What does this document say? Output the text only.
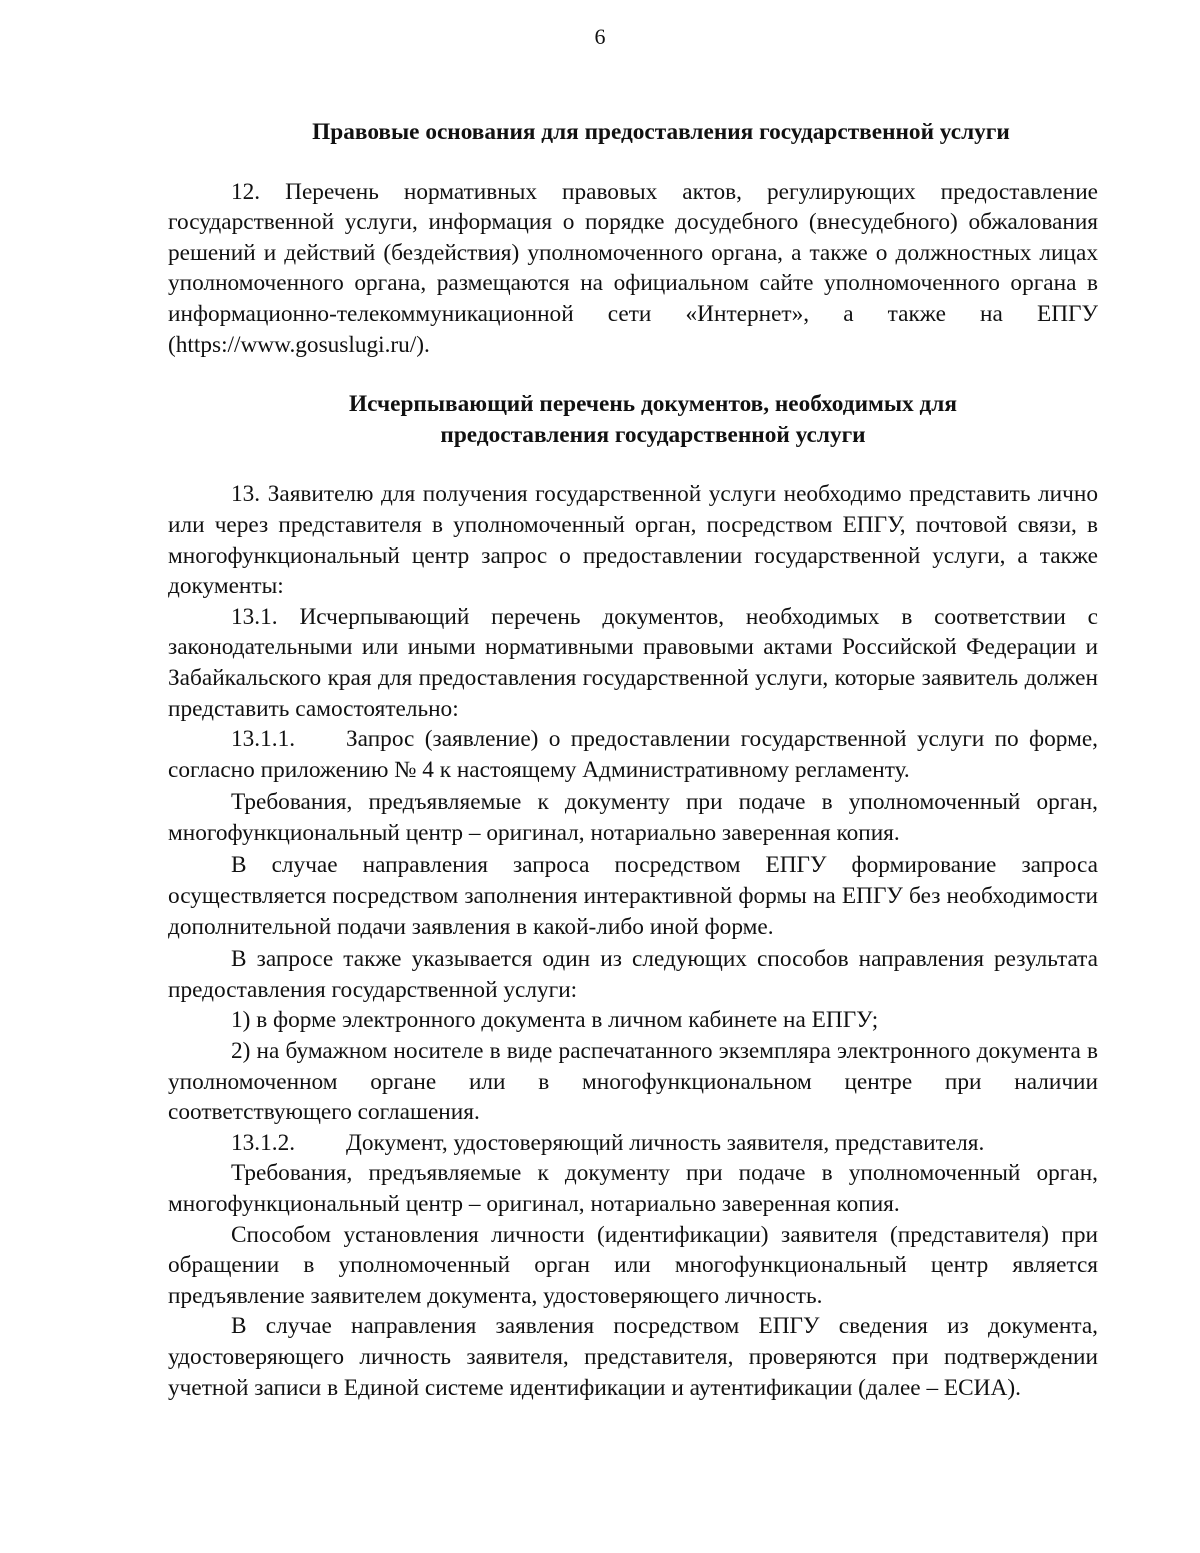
6
Правовые основания для предоставления государственной услуги

12. Перечень нормативных правовых актов, регулирующих предоставление государственной услуги, информация о порядке досудебного (внесудебного) обжалования решений и действий (бездействия) уполномоченного органа, а также о должностных лицах уполномоченного органа, размещаются на официальном сайте уполномоченного органа в информационно-телекоммуникационной сети «Интернет», а также на ЕПГУ (https://www.gosuslugi.ru/).

Исчерпывающий перечень документов, необходимых для
предоставления государственной услуги

13. Заявителю для получения государственной услуги необходимо представить лично или через представителя в уполномоченный орган, посредством ЕПГУ, почтовой связи, в многофункциональный центр запрос о предоставлении государственной услуги, а также документы:

13.1. Исчерпывающий перечень документов, необходимых в соответствии с законодательными или иными нормативными правовыми актами Российской Федерации и Забайкальского края для предоставления государственной услуги, которые заявитель должен представить самостоятельно:

13.1.1. Запрос (заявление) о предоставлении государственной услуги по форме, согласно приложению № 4 к настоящему Административному регламенту.

Требования, предъявляемые к документу при подаче в уполномоченный орган, многофункциональный центр – оригинал, нотариально заверенная копия.

В случае направления запроса посредством ЕПГУ формирование запроса осуществляется посредством заполнения интерактивной формы на ЕПГУ без необходимости дополнительной подачи заявления в какой-либо иной форме.

В запросе также указывается один из следующих способов направления результата предоставления государственной услуги:

1) в форме электронного документа в личном кабинете на ЕПГУ;

2) на бумажном носителе в виде распечатанного экземпляра электронного документа в уполномоченном органе или в многофункциональном центре при наличии соответствующего соглашения.

13.1.2. Документ, удостоверяющий личность заявителя, представителя.

Требования, предъявляемые к документу при подаче в уполномоченный орган, многофункциональный центр – оригинал, нотариально заверенная копия.

Способом установления личности (идентификации) заявителя (представителя) при обращении в уполномоченный орган или многофункциональный центр является предъявление заявителем документа, удостоверяющего личность.

В случае направления заявления посредством ЕПГУ сведения из документа, удостоверяющего личность заявителя, представителя, проверяются при подтверждении учетной записи в Единой системе идентификации и аутентификации (далее – ЕСИА).
